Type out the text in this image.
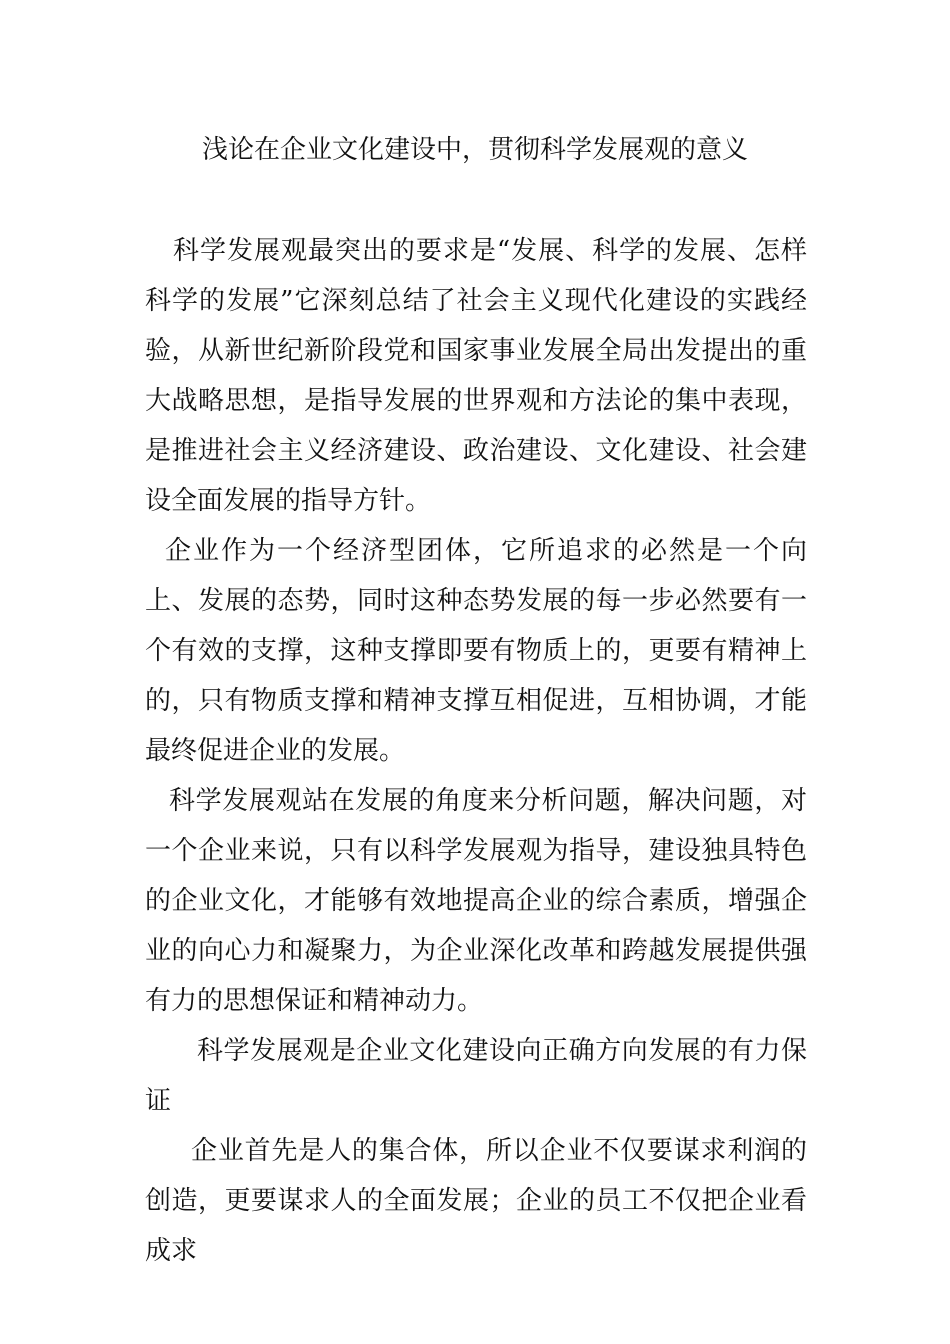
浅论在企业文化建设中，贯彻科学发展观的意义

科学发展观最突出的要求是“发展、科学的发展、怎样科学的发展”它深刻总结了社会主义现代化建设的实践经验，从新世纪新阶段党和国家事业发展全局出发提出的重大战略思想，是指导发展的世界观和方法论的集中表现，是推进社会主义经济建设、政治建设、文化建设、社会建设全面发展的指导方针。

企业作为一个经济型团体，它所追求的必然是一个向上、发展的态势，同时这种态势发展的每一步必然要有一个有效的支撑，这种支撑即要有物质上的，更要有精神上的，只有物质支撑和精神支撑互相促进，互相协调，才能最终促进企业的发展。

科学发展观站在发展的角度来分析问题，解决问题，对一个企业来说，只有以科学发展观为指导，建设独具特色的企业文化，才能够有效地提高企业的综合素质，增强企业的向心力和凝聚力，为企业深化改革和跨越发展提供强有力的思想保证和精神动力。

科学发展观是企业文化建设向正确方向发展的有力保证

企业首先是人的集合体，所以企业不仅要谋求利润的创造，更要谋求人的全面发展；企业的员工不仅把企业看成求
